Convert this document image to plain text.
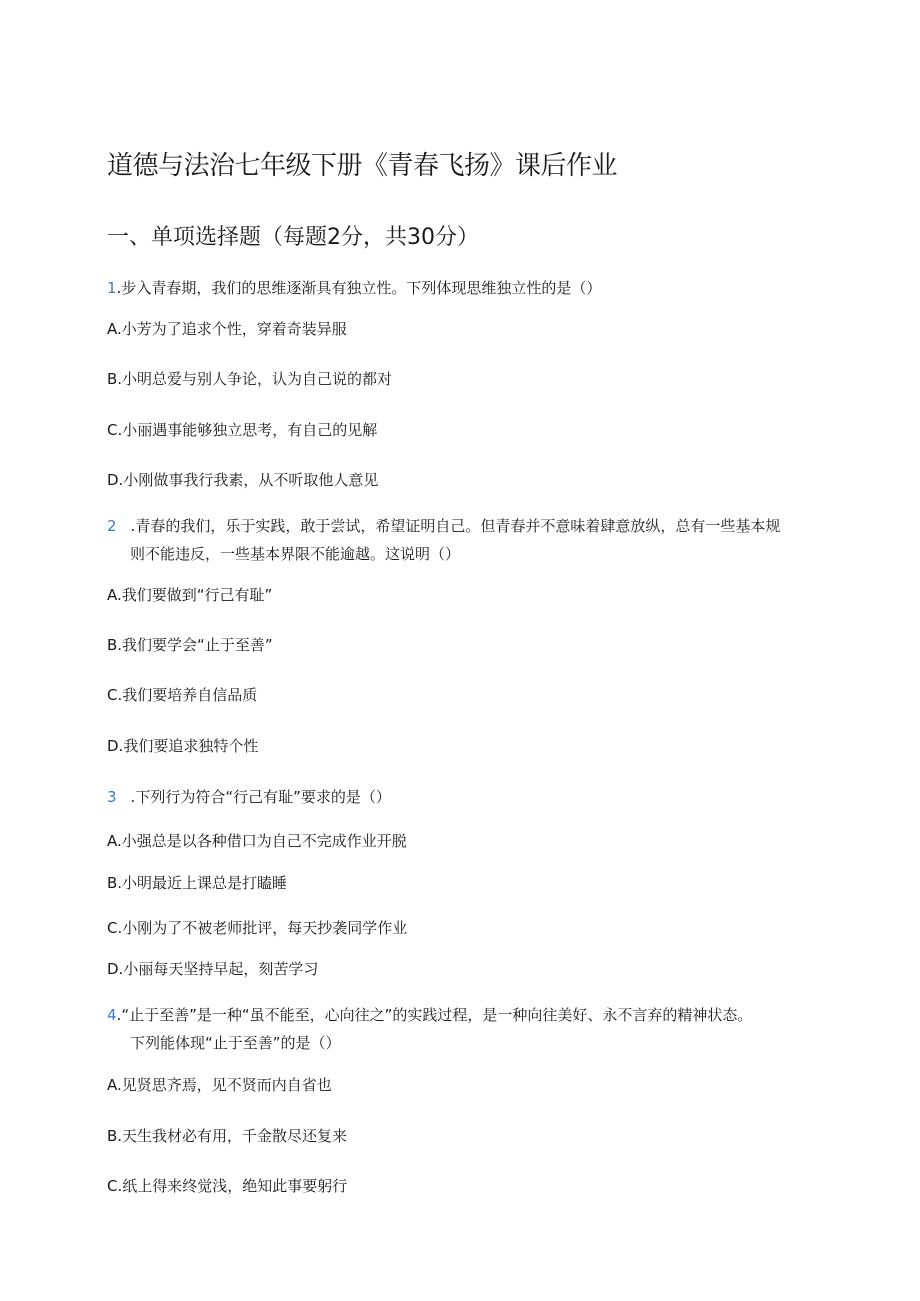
道德与法治七年级下册《青春飞扬》课后作业
一、单项选择题（每题2分，共30分）
1.步入青春期，我们的思维逐渐具有独立性。下列体现思维独立性的是（）
A.小芳为了追求个性，穿着奇装异服
B.小明总爱与别人争论，认为自己说的都对
C.小丽遇事能够独立思考，有自己的见解
D.小刚做事我行我素，从不听取他人意见
2 .青春的我们，乐于实践，敢于尝试，希望证明自己。但青春并不意味着肆意放纵，总有一些基本规
则不能违反，一些基本界限不能逾越。这说明（）
A.我们要做到“行己有耻”
B.我们要学会“止于至善”
C.我们要培养自信品质
D.我们要追求独特个性
3 .下列行为符合“行己有耻”要求的是（）
A.小强总是以各种借口为自己不完成作业开脱
B.小明最近上课总是打瞌睡
C.小刚为了不被老师批评，每天抄袭同学作业
D.小丽每天坚持早起，刻苦学习
4.“止于至善”是一种“虽不能至，心向往之”的实践过程，是一种向往美好、永不言弃的精神状态。
下列能体现“止于至善”的是（）
A.见贤思齐焉，见不贤而内自省也
B.天生我材必有用，千金散尽还复来
C.纸上得来终觉浅，绝知此事要躬行
